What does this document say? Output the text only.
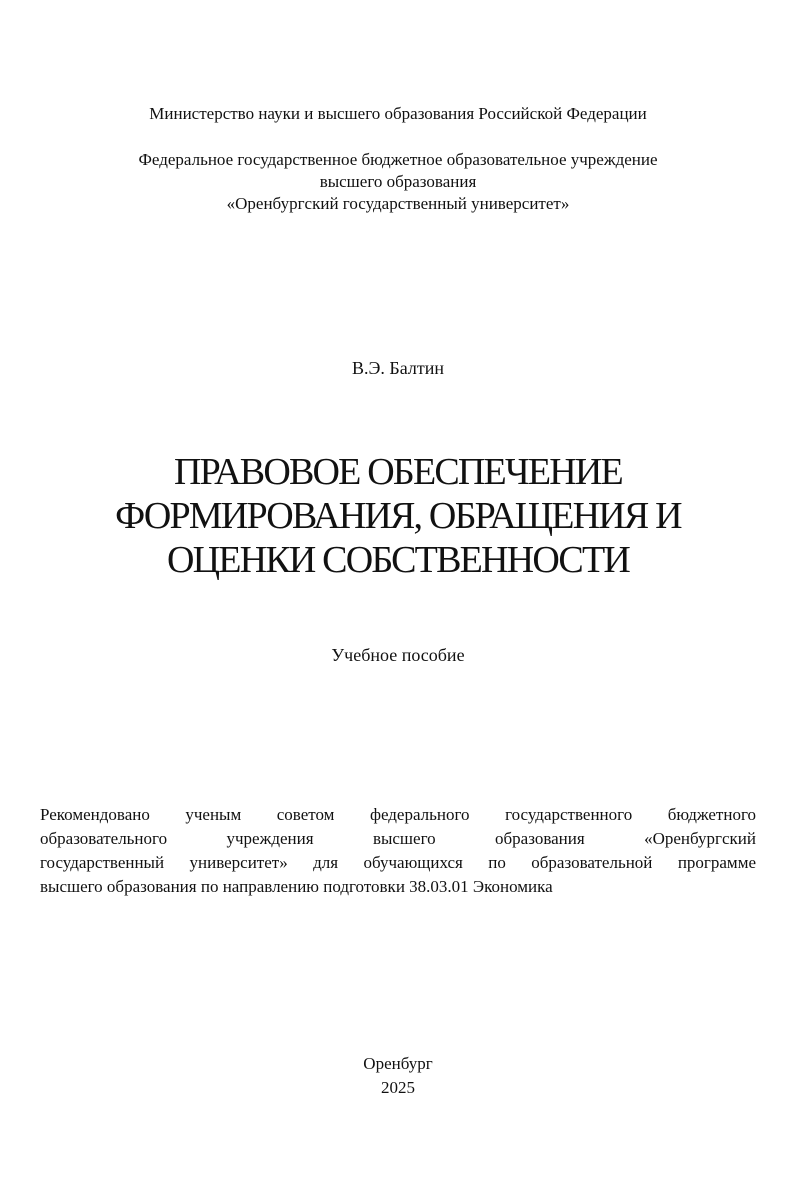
Министерство науки и высшего образования Российской Федерации
Федеральное государственное бюджетное образовательное учреждение
высшего образования
«Оренбургский государственный университет»
В.Э. Балтин
ПРАВОВОЕ ОБЕСПЕЧЕНИЕ
ФОРМИРОВАНИЯ, ОБРАЩЕНИЯ И
ОЦЕНКИ СОБСТВЕННОСТИ
Учебное пособие
Рекомендовано ученым советом федерального государственного бюджетного
образовательного учреждения высшего образования «Оренбургский
государственный университет» для обучающихся по образовательной программе
высшего образования по направлению подготовки 38.03.01 Экономика
Оренбург
2025
